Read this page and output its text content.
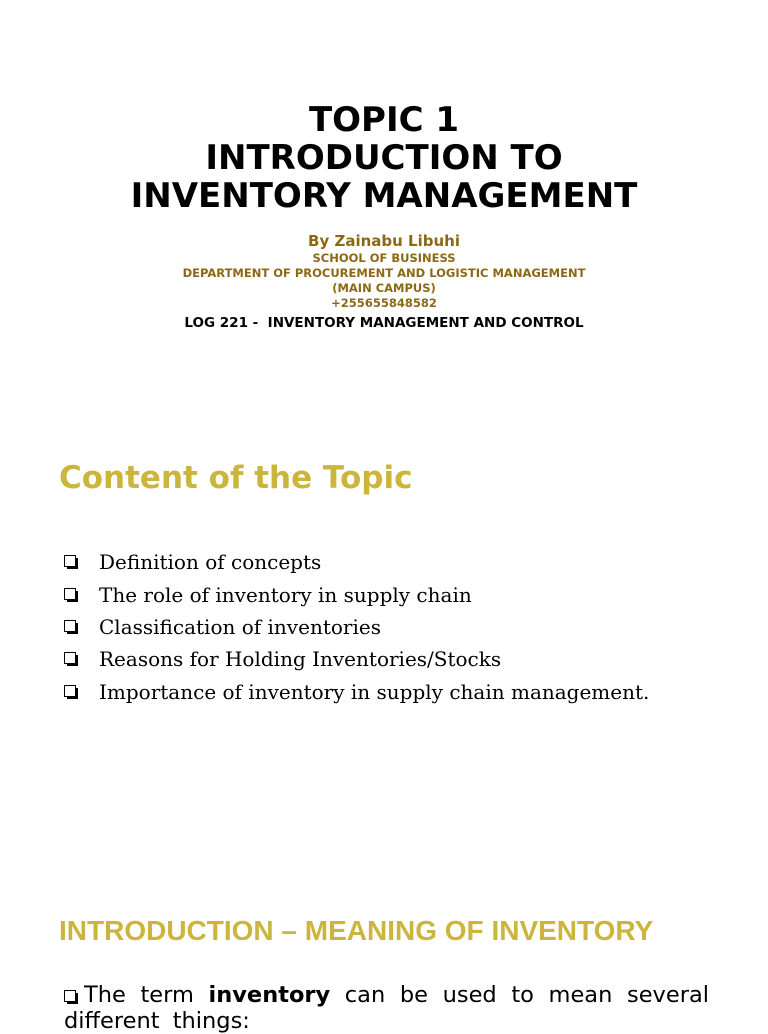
TOPIC 1
INTRODUCTION TO
INVENTORY MANAGEMENT
By Zainabu Libuhi
SCHOOL OF BUSINESS
DEPARTMENT OF PROCUREMENT AND LOGISTIC MANAGEMENT
(MAIN CAMPUS)
+255655848582
LOG 221 -  INVENTORY MANAGEMENT AND CONTROL
Content of the Topic
Definition of concepts
The role of inventory in supply chain
Classification of inventories
Reasons for Holding Inventories/Stocks
Importance of inventory in supply chain management.
INTRODUCTION – MEANING OF INVENTORY
The term inventory can be used to mean several different things:
